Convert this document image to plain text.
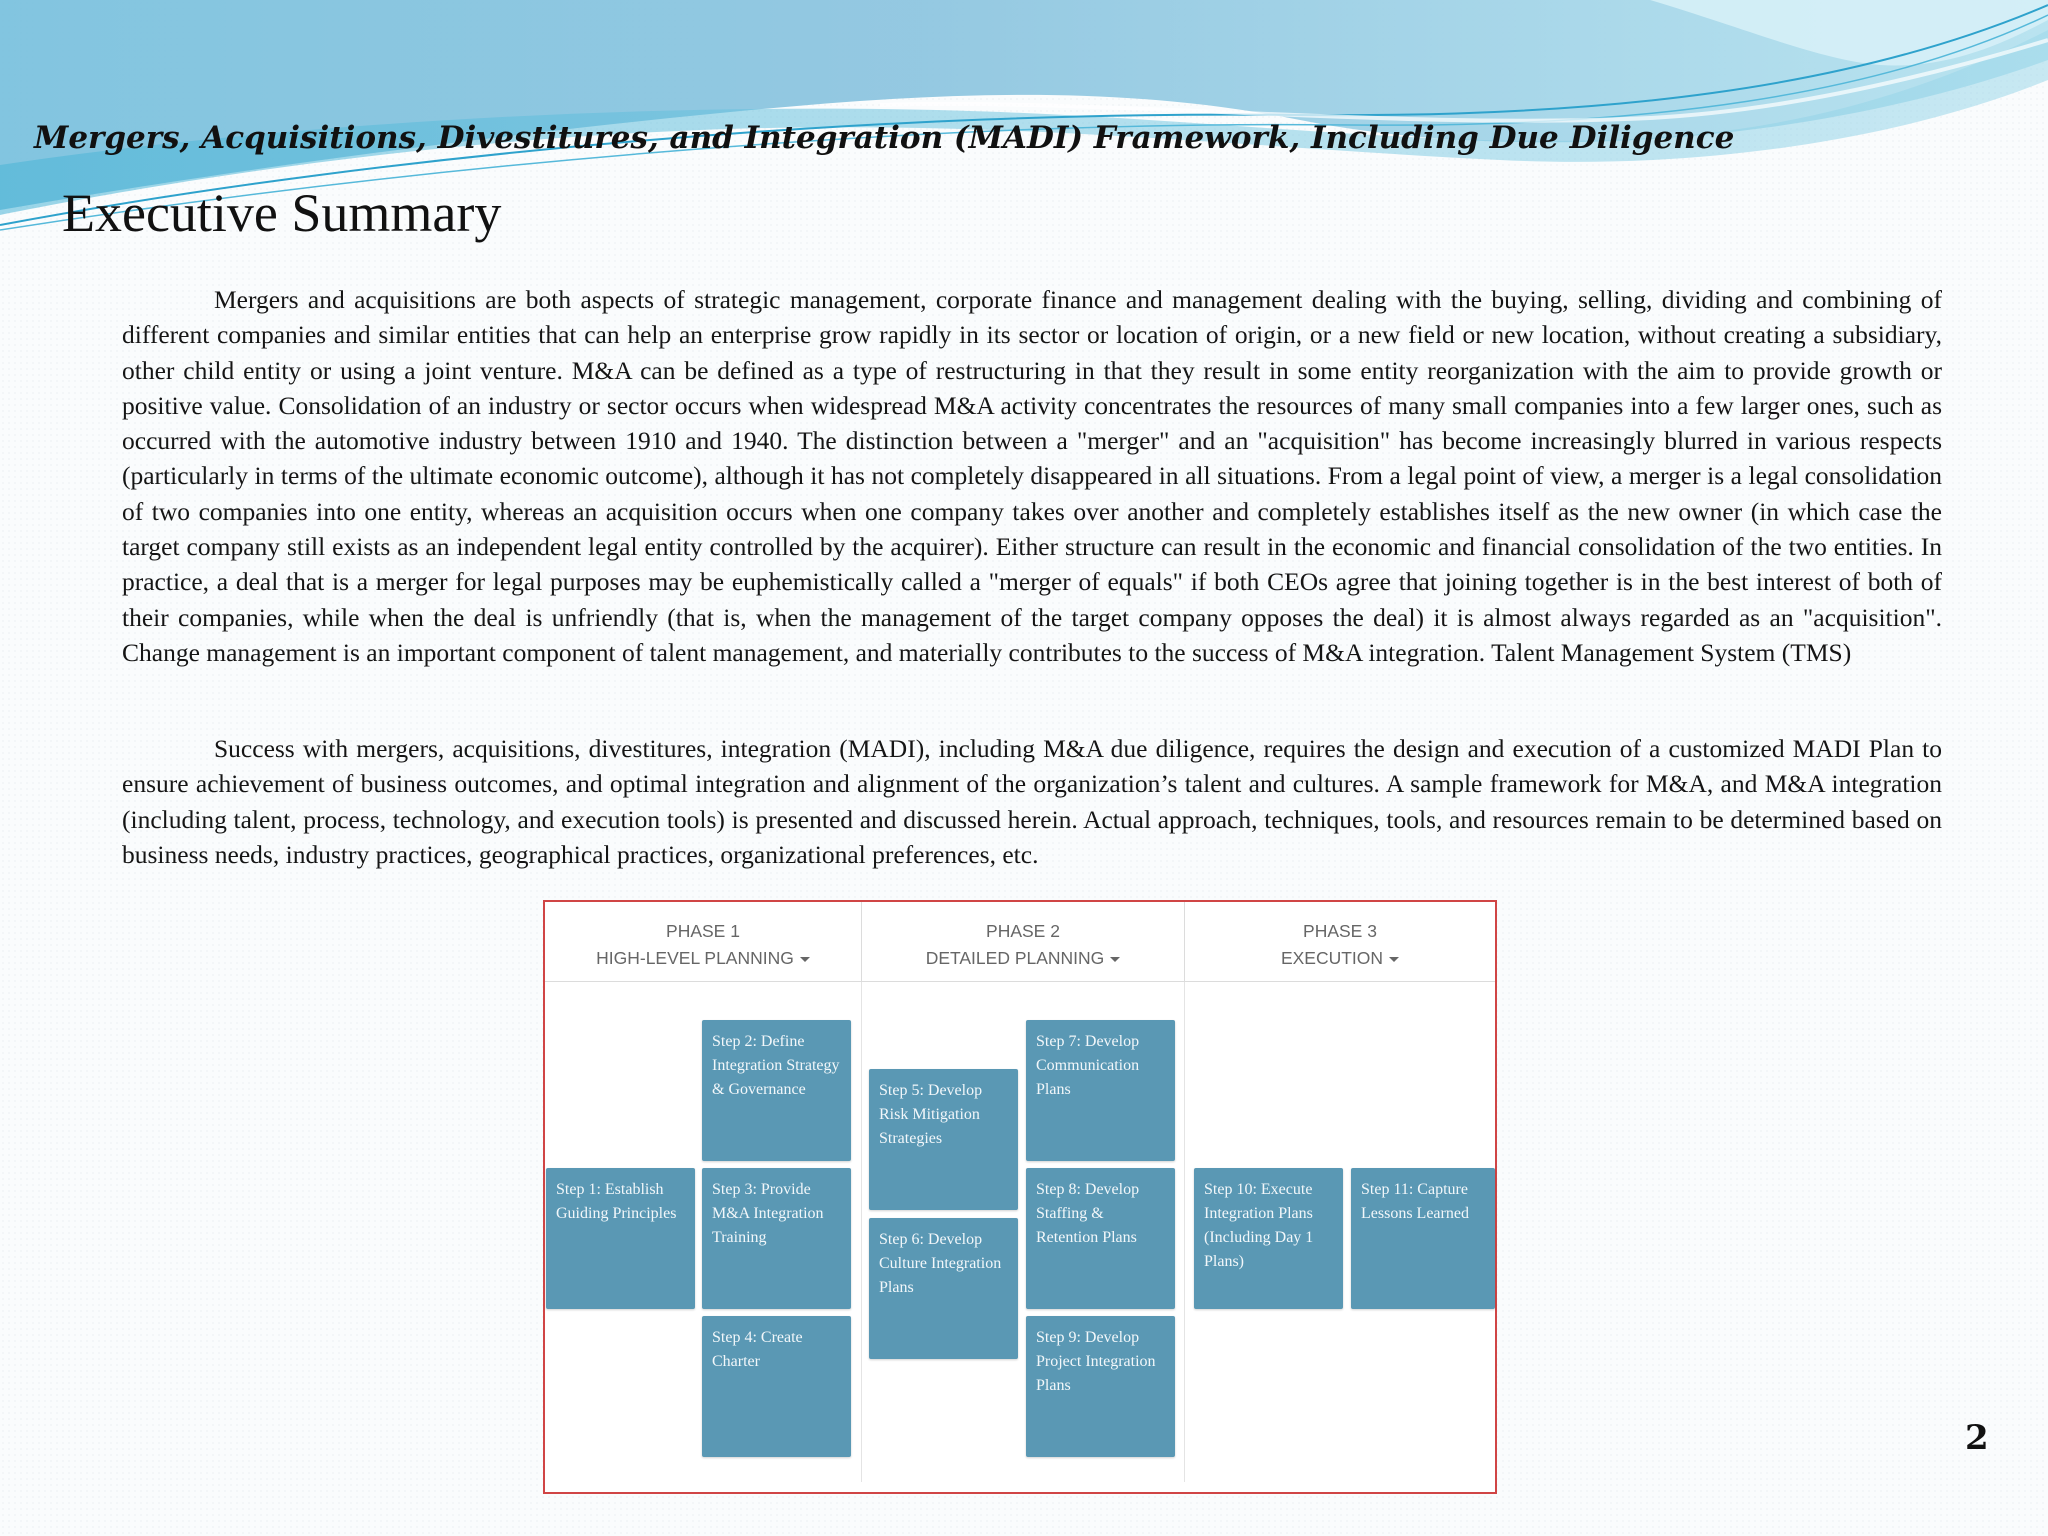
Mergers, Acquisitions, Divestitures, and Integration (MADI) Framework, Including Due Diligence
Executive Summary

Mergers and acquisitions are both aspects of strategic management, corporate finance and management dealing with the buying, selling, dividing and combining of different companies and similar entities that can help an enterprise grow rapidly in its sector or location of origin, or a new field or new location, without creating a subsidiary, other child entity or using a joint venture. M&A can be defined as a type of restructuring in that they result in some entity reorganization with the aim to provide growth or positive value. Consolidation of an industry or sector occurs when widespread M&A activity concentrates the resources of many small companies into a few larger ones, such as occurred with the automotive industry between 1910 and 1940. The distinction between a "merger" and an "acquisition" has become increasingly blurred in various respects (particularly in terms of the ultimate economic outcome), although it has not completely disappeared in all situations. From a legal point of view, a merger is a legal consolidation of two companies into one entity, whereas an acquisition occurs when one company takes over another and completely establishes itself as the new owner (in which case the target company still exists as an independent legal entity controlled by the acquirer). Either structure can result in the economic and financial consolidation of the two entities. In practice, a deal that is a merger for legal purposes may be euphemistically called a "merger of equals" if both CEOs agree that joining together is in the best interest of both of their companies, while when the deal is unfriendly (that is, when the management of the target company opposes the deal) it is almost always regarded as an "acquisition". Change management is an important component of talent management, and materially contributes to the success of M&A integration. Talent Management System (TMS)

Success with mergers, acquisitions, divestitures, integration (MADI), including M&A due diligence, requires the design and execution of a customized MADI Plan to ensure achievement of business outcomes, and optimal integration and alignment of the organization’s talent and cultures. A sample framework for M&A, and M&A integration (including talent, process, technology, and execution tools) is presented and discussed herein. Actual approach, techniques, tools, and resources remain to be determined based on business needs, industry practices, geographical practices, organizational preferences, etc.

PHASE 1
HIGH-LEVEL PLANNING
PHASE 2
DETAILED PLANNING
PHASE 3
EXECUTION
Step 1: Establish Guiding Principles
Step 2: Define Integration Strategy & Governance
Step 3: Provide M&A Integration Training
Step 4: Create Charter
Step 5: Develop Risk Mitigation Strategies
Step 6: Develop Culture Integration Plans
Step 7: Develop Communication Plans
Step 8: Develop Staffing & Retention Plans
Step 9: Develop Project Integration Plans
Step 10: Execute Integration Plans (Including Day 1 Plans)
Step 11: Capture Lessons Learned
2
